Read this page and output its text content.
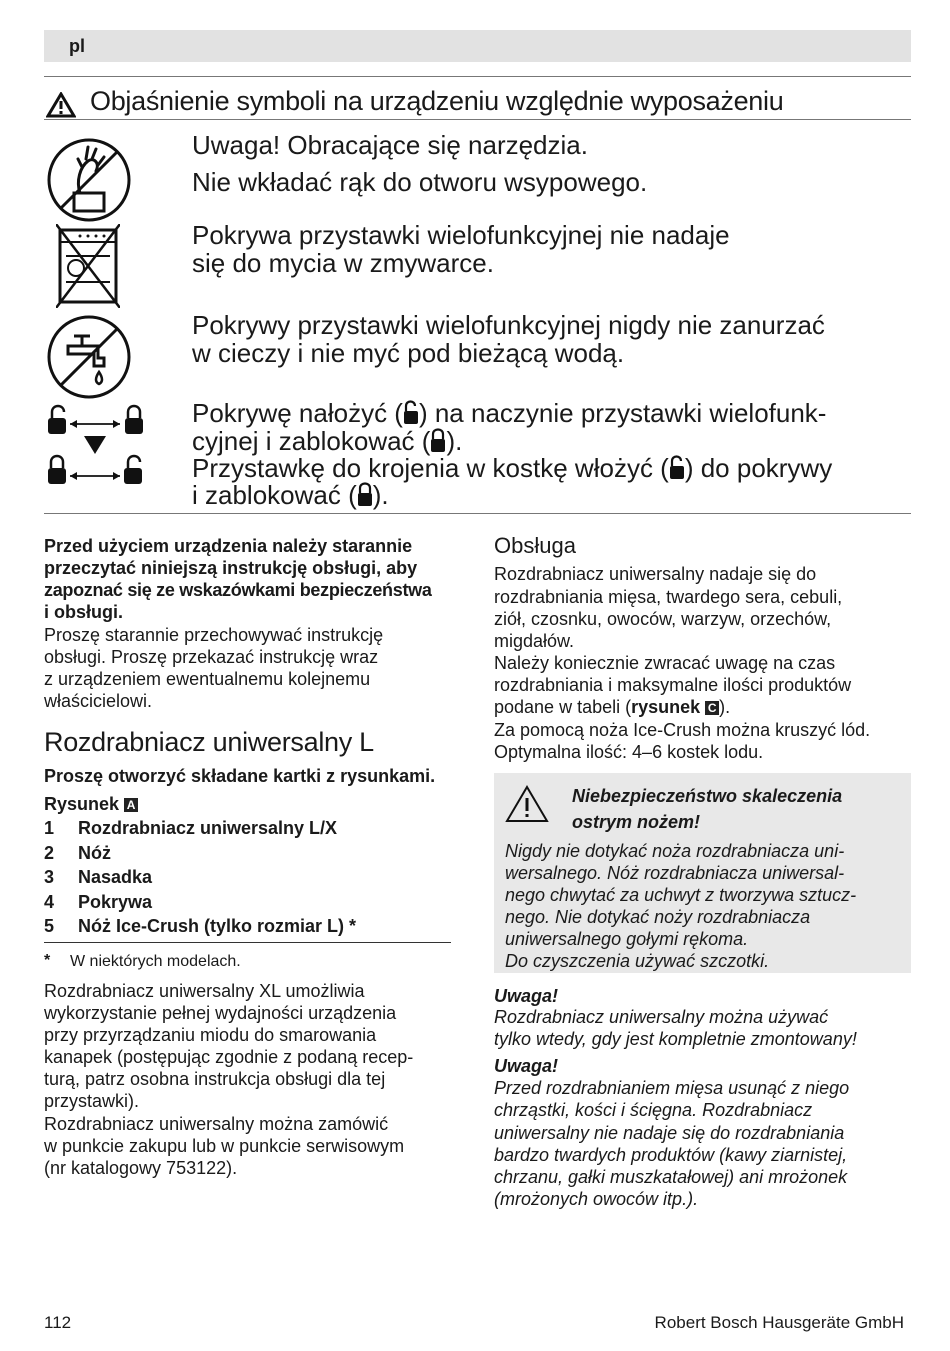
pl
Objaśnienie symboli na urządzeniu względnie wyposażeniu
Uwaga! Obracające się narzędzia.
Nie wkładać rąk do otworu wsypowego.
Pokrywa przystawki wielofunkcyjnej nie nadaje
się do mycia w zmywarce.
Pokrywy przystawki wielofunkcyjnej nigdy nie zanurzać
w cieczy i nie myć pod bieżącą wodą.
Pokrywę nałożyć ( ) na naczynie przystawki wielofunk-
cyjnej i zablokować ( ).
Przystawkę do krojenia w kostkę włożyć ( ) do pokrywy
i zablokować ( ).
Przed użyciem urządzenia należy starannie
przeczytać niniejszą instrukcję obsługi, aby
zapoznać się ze wskazówkami bezpieczeństwa
i obsługi.
Proszę starannie przechowywać instrukcję
obsługi. Proszę przekazać instrukcję wraz
z urządzeniem ewentualnemu kolejnemu
właścicielowi.
Rozdrabniacz uniwersalny L
Proszę otworzyć składane kartki z rysunkami.
Rysunek A
1 Rozdrabniacz uniwersalny L/X
2 Nóż
3 Nasadka
4 Pokrywa
5 Nóż Ice-Crush (tylko rozmiar L) *
* W niektórych modelach.
Rozdrabniacz uniwersalny XL umożliwia
wykorzystanie pełnej wydajności urządzenia
przy przyrządzaniu miodu do smarowania
kanapek (postępując zgodnie z podaną recep-
turą, patrz osobna instrukcja obsługi dla tej
przystawki).
Rozdrabniacz uniwersalny można zamówić
w punkcie zakupu lub w punkcie serwisowym
(nr katalogowy 753122).
Obsługa
Rozdrabniacz uniwersalny nadaje się do
rozdrabniania mięsa, twardego sera, cebuli,
ziół, czosnku, owoców, warzyw, orzechów,
migdałów.
Należy koniecznie zwracać uwagę na czas
rozdrabniania i maksymalne ilości produktów
podane w tabeli (rysunek C ).
Za pomocą noża Ice-Crush można kruszyć lód.
Optymalna ilość: 4–6 kostek lodu.
Niebezpieczeństwo skaleczenia
ostrym nożem!
Nigdy nie dotykać noża rozdrabniacza uni-
wersalnego. Nóż rozdrabniacza uniwersal-
nego chwytać za uchwyt z tworzywa sztucz-
nego. Nie dotykać noży rozdrabniacza
uniwersalnego gołymi rękoma.
Do czyszczenia używać szczotki.
Uwaga!
Rozdrabniacz uniwersalny można używać
tylko wtedy, gdy jest kompletnie zmontowany!
Uwaga!
Przed rozdrabnianiem mięsa usunąć z niego
chrząstki, kości i ścięgna. Rozdrabniacz
uniwersalny nie nadaje się do rozdrabniania
bardzo twardych produktów (kawy ziarnistej,
chrzanu, gałki muszkatałowej) ani mrożonek
(mrożonych owoców itp.).
112	Robert Bosch Hausgeräte GmbH
